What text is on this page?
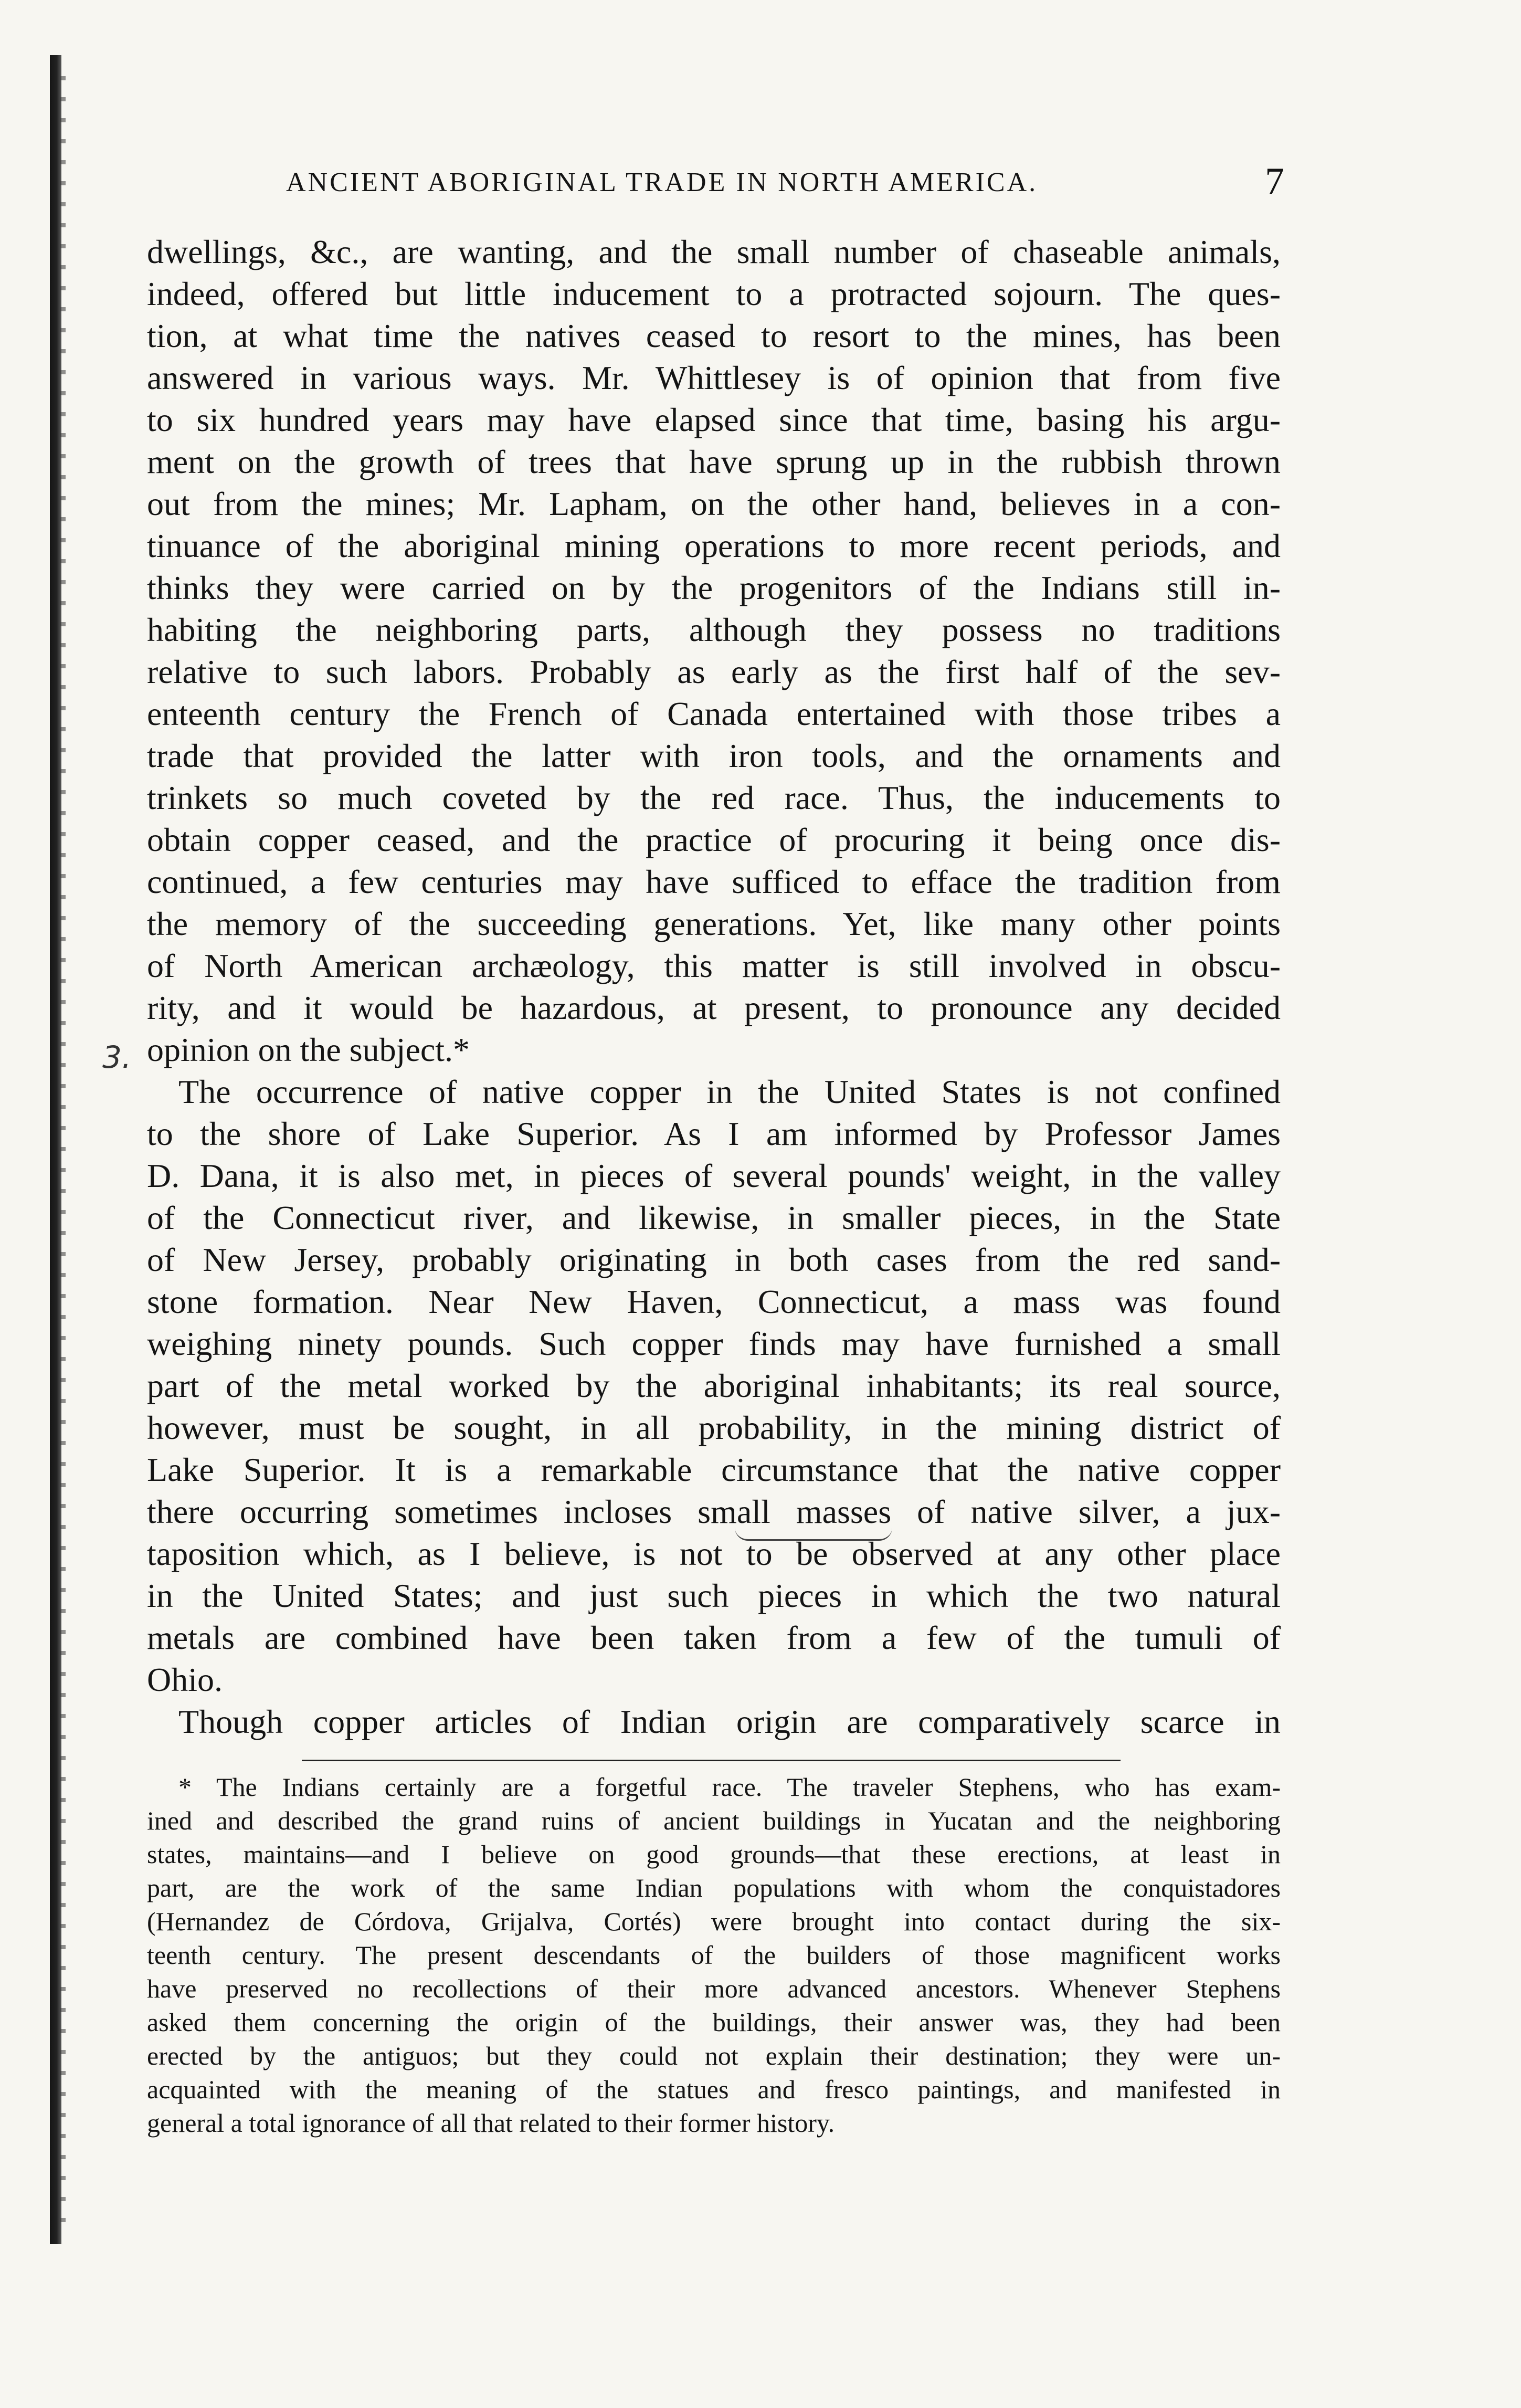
ANCIENT ABORIGINAL TRADE IN NORTH AMERICA.	7
3.
dwellings, &c., are wanting, and the small number of chaseable animals,
indeed, offered but little inducement to a protracted sojourn. The ques-
tion, at what time the natives ceased to resort to the mines, has been
answered in various ways. Mr. Whittlesey is of opinion that from five
to six hundred years may have elapsed since that time, basing his argu-
ment on the growth of trees that have sprung up in the rubbish thrown
out from the mines; Mr. Lapham, on the other hand, believes in a con-
tinuance of the aboriginal mining operations to more recent periods, and
thinks they were carried on by the progenitors of the Indians still in-
habiting the neighboring parts, although they possess no traditions
relative to such labors. Probably as early as the first half of the sev-
enteenth century the French of Canada entertained with those tribes a
trade that provided the latter with iron tools, and the ornaments and
trinkets so much coveted by the red race. Thus, the inducements to
obtain copper ceased, and the practice of procuring it being once dis-
continued, a few centuries may have sufficed to efface the tradition from
the memory of the succeeding generations. Yet, like many other points
of North American archæology, this matter is still involved in obscu-
rity, and it would be hazardous, at present, to pronounce any decided
opinion on the subject.*
The occurrence of native copper in the United States is not confined
to the shore of Lake Superior. As I am informed by Professor James
D. Dana, it is also met, in pieces of several pounds' weight, in the valley
of the Connecticut river, and likewise, in smaller pieces, in the State
of New Jersey, probably originating in both cases from the red sand-
stone formation. Near New Haven, Connecticut, a mass was found
weighing ninety pounds. Such copper finds may have furnished a small
part of the metal worked by the aboriginal inhabitants; its real source,
however, must be sought, in all probability, in the mining district of
Lake Superior. It is a remarkable circumstance that the native copper
there occurring sometimes incloses small masses of native silver, a jux-
taposition which, as I believe, is not to be observed at any other place
in the United States; and just such pieces in which the two natural
metals are combined have been taken from a few of the tumuli of
Ohio.
Though copper articles of Indian origin are comparatively scarce in
* The Indians certainly are a forgetful race. The traveler Stephens, who has exam-
ined and described the grand ruins of ancient buildings in Yucatan and the neighboring
states, maintains—and I believe on good grounds—that these erections, at least in
part, are the work of the same Indian populations with whom the conquistadores
(Hernandez de Córdova, Grijalva, Cortés) were brought into contact during the six-
teenth century. The present descendants of the builders of those magnificent works
have preserved no recollections of their more advanced ancestors. Whenever Stephens
asked them concerning the origin of the buildings, their answer was, they had been
erected by the antiguos; but they could not explain their destination; they were un-
acquainted with the meaning of the statues and fresco paintings, and manifested in
general a total ignorance of all that related to their former history.
